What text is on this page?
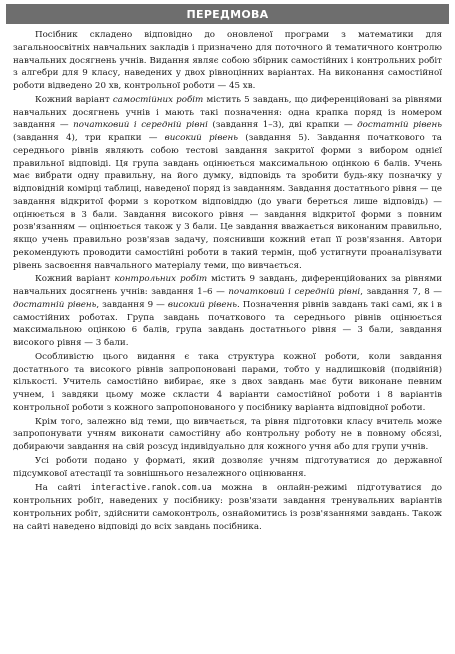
ПЕРЕДМОВА

Посібник складено відповідно до оновленої програми з математики для загальноосвітніх навчальних закладів і призначено для поточного й тематичного контролю навчальних досягнень учнів. Видання являє собою збірник самостійних і контрольних робіт з алгебри для 9 класу, наведених у двох рівноцінних варіантах. На виконання самостійної роботи відведено 20 хв, контрольної роботи — 45 хв.

Кожний варіант самостійних робіт містить 5 завдань, що диференційовані за рівнями навчальних досягнень учнів і мають такі позначення: одна крапка поряд із номером завдання — початковий і середній рівні (завдання 1–3), дві крапки — достатній рівень (завдання 4), три крапки — високий рівень (завдання 5). Завдання початкового та середнього рівнів являють собою тестові завдання закритої форми з вибором однієї правильної відповіді. Ця група завдань оцінюється максимальною оцінкою 6 балів. Учень має вибрати одну правильну, на його думку, відповідь та зробити будь-яку позначку у відповідній комірці таблиці, наведеної поряд із завданням. Завдання достатнього рівня — це завдання відкритої форми з коротком відповіддю (до уваги береться лише відповідь) — оцінюється в 3 бали. Завдання високого рівня — завдання відкритої форми з повним розв'язанням — оцінюється також у 3 бали. Це завдання вважається виконаним правильно, якщо учень правильно розв'язав задачу, пояснивши кожний етап її розв'язання. Автори рекомендують проводити самостійні роботи в такий термін, щоб устигнути проаналізувати рівень засвоєння навчального матеріалу теми, що вивчається.

Кожний варіант контрольних робіт містить 9 завдань, диференційованих за рівнями навчальних досягнень учнів: завдання 1–6 — початковий і середній рівні, завдання 7, 8 — достатній рівень, завдання 9 — високий рівень. Позначення рівнів завдань такі самі, як і в самостійних роботах. Група завдань початкового та середнього рівнів оцінюється максимальною оцінкою 6 балів, група завдань достатнього рівня — 3 бали, завдання високого рівня — 3 бали.

Особливістю цього видання є така структура кожної роботи, коли завдання достатнього та високого рівнів запропоновані парами, тобто у надлишковій (подвійній) кількості. Учитель самостійно вибирає, яке з двох завдань має бути виконане певним учнем, і завдяки цьому може скласти 4 варіанти самостійної роботи і 8 варіантів контрольної роботи з кожного запропонованого у посібнику варіанта відповідної роботи.

Крім того, залежно від теми, що вивчається, та рівня підготовки класу вчитель може запропонувати учням виконати самостійну або контрольну роботу не в повному обсязі, добираючи завдання на свій розсуд індивідуально для кожного учня або для групи учнів.

Усі роботи подано у форматі, який дозволяє учням підготуватися до державної підсумкової атестації та зовнішнього незалежного оцінювання.

На сайті interactive.ranok.com.ua можна в онлайн-режимі підготуватися до контрольних робіт, наведених у посібнику: розв'язати завдання тренувальних варіантів контрольних робіт, здійснити самоконтроль, ознайомитись із розв'язаннями завдань. Також на сайті наведено відповіді до всіх завдань посібника.
